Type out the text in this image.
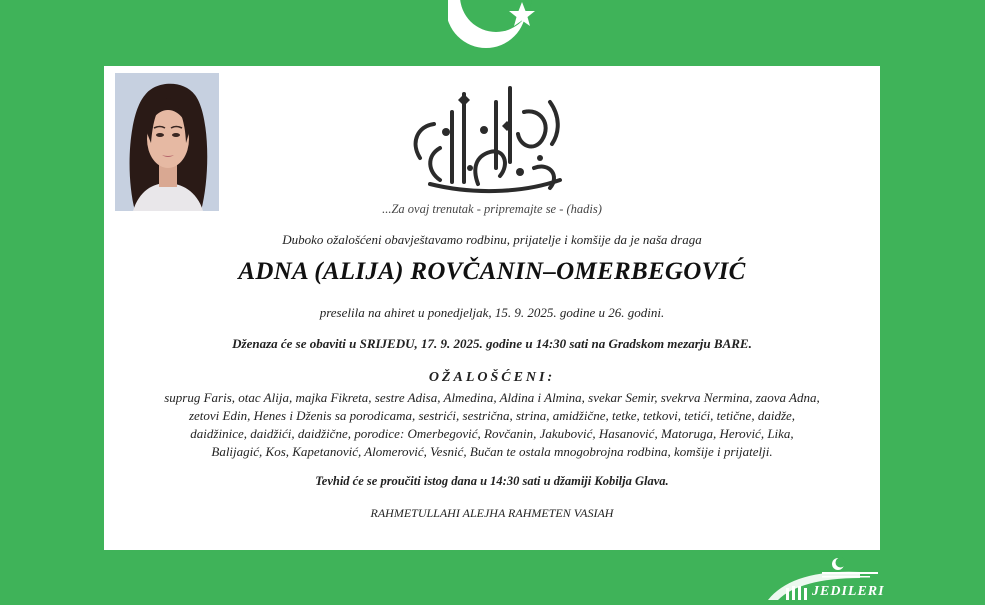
...Za ovaj trenutak - pripremajte se - (hadis)

Duboko ožalošćeni obavještavamo rodbinu, prijatelje i komšije da je naša draga

ADNA (ALIJA) ROVČANIN–OMERBEGOVIĆ

preselila na ahiret u ponedjeljak, 15. 9. 2025. godine u 26. godini.

Dženaza će se obaviti u SRIJEDU, 17. 9. 2025. godine u 14:30 sati na Gradskom mezarju BARE.

OŽALOŠĆENI:

suprug Faris, otac Alija, majka Fikreta, sestre Adisa, Almedina, Aldina i Almina, svekar Semir, svekrva Nermina, zaova Adna,
zetovi Edin, Henes i Dženis sa porodicama, sestrići, sestrična, strina, amidžične, tetke, tetkovi, tetići, tetične, daidže,
daidžinice, daidžići, daidžične, porodice: Omerbegović, Rovčanin, Jakubović, Hasanović, Matoruga, Herović, Lika,
Balijagić, Kos, Kapetanović, Alomerović, Vesnić, Bučan te ostala mnogobrojna rodbina, komšije i prijatelji.

Tevhid će se proučiti istog dana u 14:30 sati u džamiji Kobilja Glava.

RAHMETULLAHI ALEJHA RAHMETEN VASIAH

JEDILERI
